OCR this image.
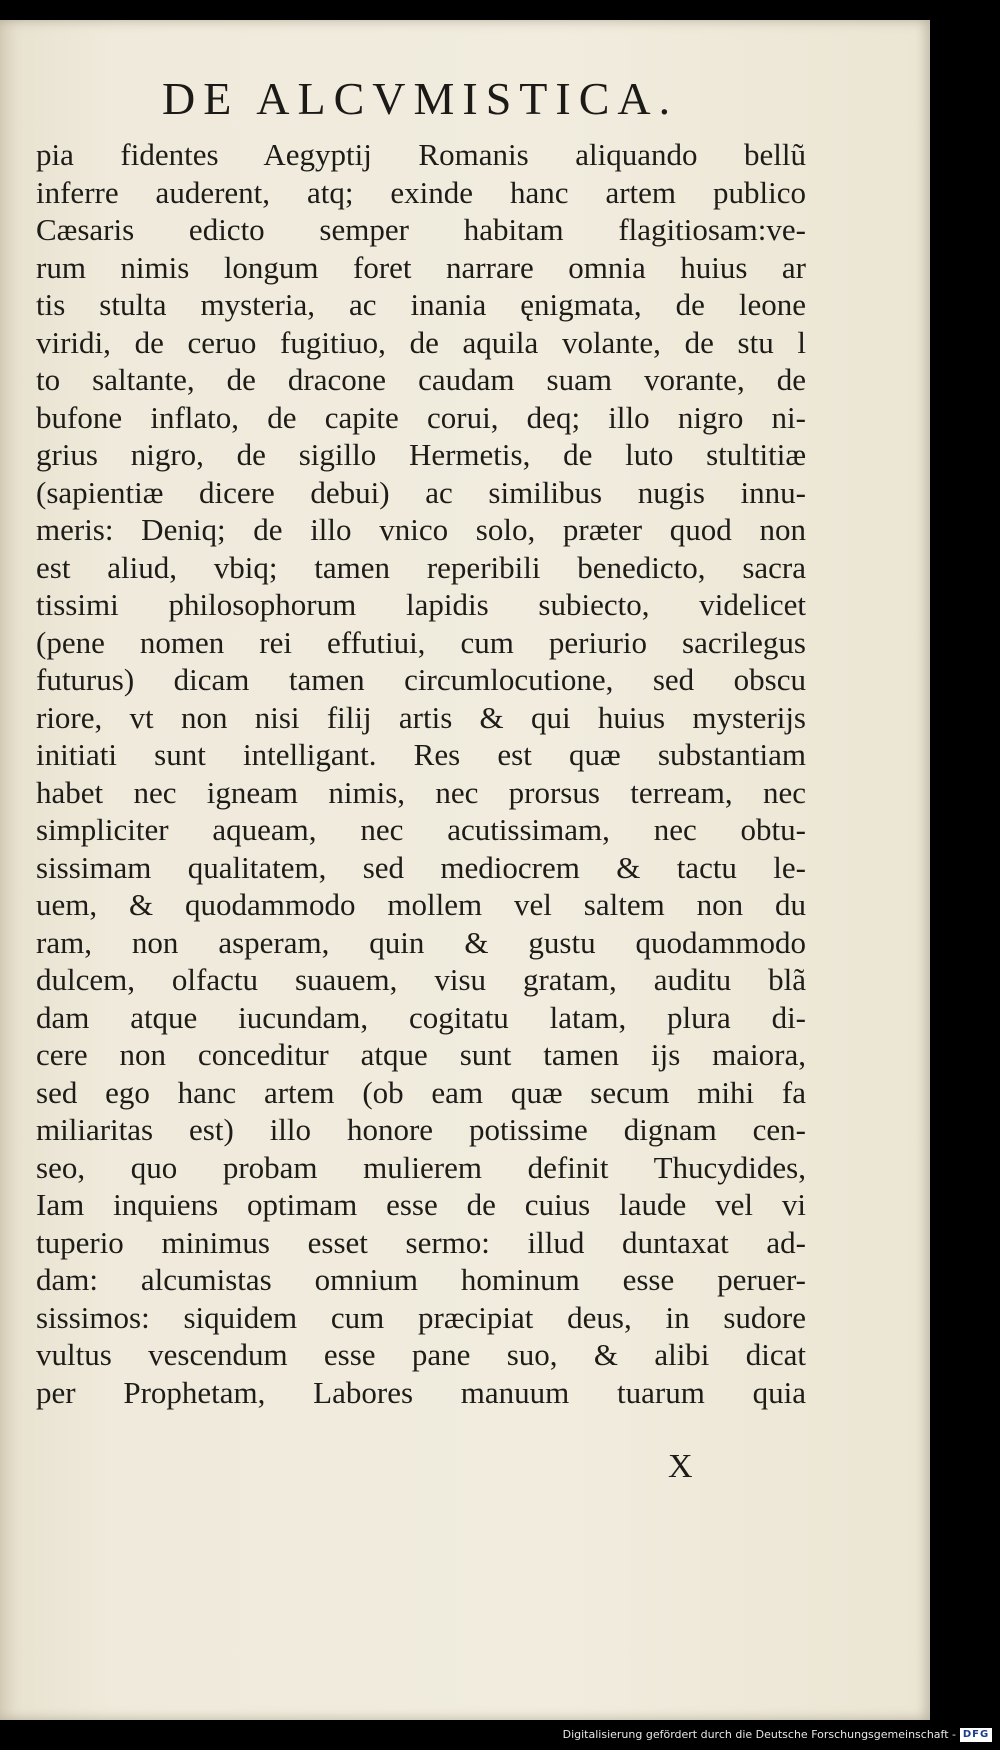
DE ALCVMISTICA.
pia fidentes Aegyptij Romanis aliquando bellũ
inferre auderent, atq; exinde hanc artem publico
Cæsaris edicto semper habitam flagitiosam:ve-
rum nimis longum foret narrare omnia huius ar
tis stulta mysteria, ac inania ęnigmata, de leone
viridi, de ceruo fugitiuo, de aquila volante, de stu l
to saltante, de dracone caudam suam vorante, de
bufone inflato, de capite corui, deq; illo nigro ni-
grius nigro, de sigillo Hermetis, de luto stultitiæ
(sapientiæ dicere debui) ac similibus nugis innu-
meris: Deniq; de illo vnico solo, præter quod non
est aliud, vbiq; tamen reperibili benedicto, sacra
tissimi philosophorum lapidis subiecto, videlicet
(pene nomen rei effutiui, cum periurio sacrilegus
futurus) dicam tamen circumlocutione, sed obscu
riore, vt non nisi filij artis & qui huius mysterijs
initiati sunt intelligant. Res est quæ substantiam
habet nec igneam nimis, nec prorsus terream, nec
simpliciter aqueam, nec acutissimam, nec obtu-
sissimam qualitatem, sed mediocrem & tactu le-
uem, & quodammodo mollem vel saltem non du
ram, non asperam, quin & gustu quodammodo
dulcem, olfactu suauem, visu gratam, auditu blã
dam atque iucundam, cogitatu latam, plura di-
cere non conceditur atque sunt tamen ijs maiora,
sed ego hanc artem (ob eam quæ secum mihi fa
miliaritas est) illo honore potissime dignam cen-
seo, quo probam mulierem definit Thucydides,
Iam inquiens optimam esse de cuius laude vel vi
tuperio minimus esset sermo: illud duntaxat ad-
dam: alcumistas omnium hominum esse peruer-
sissimos: siquidem cum præcipiat deus, in sudore
vultus vescendum esse pane suo, & alibi dicat
per Prophetam, Labores manuum tuarum quia
X
Digitalisierung gefördert durch die Deutsche Forschungsgemeinschaft - DFG
